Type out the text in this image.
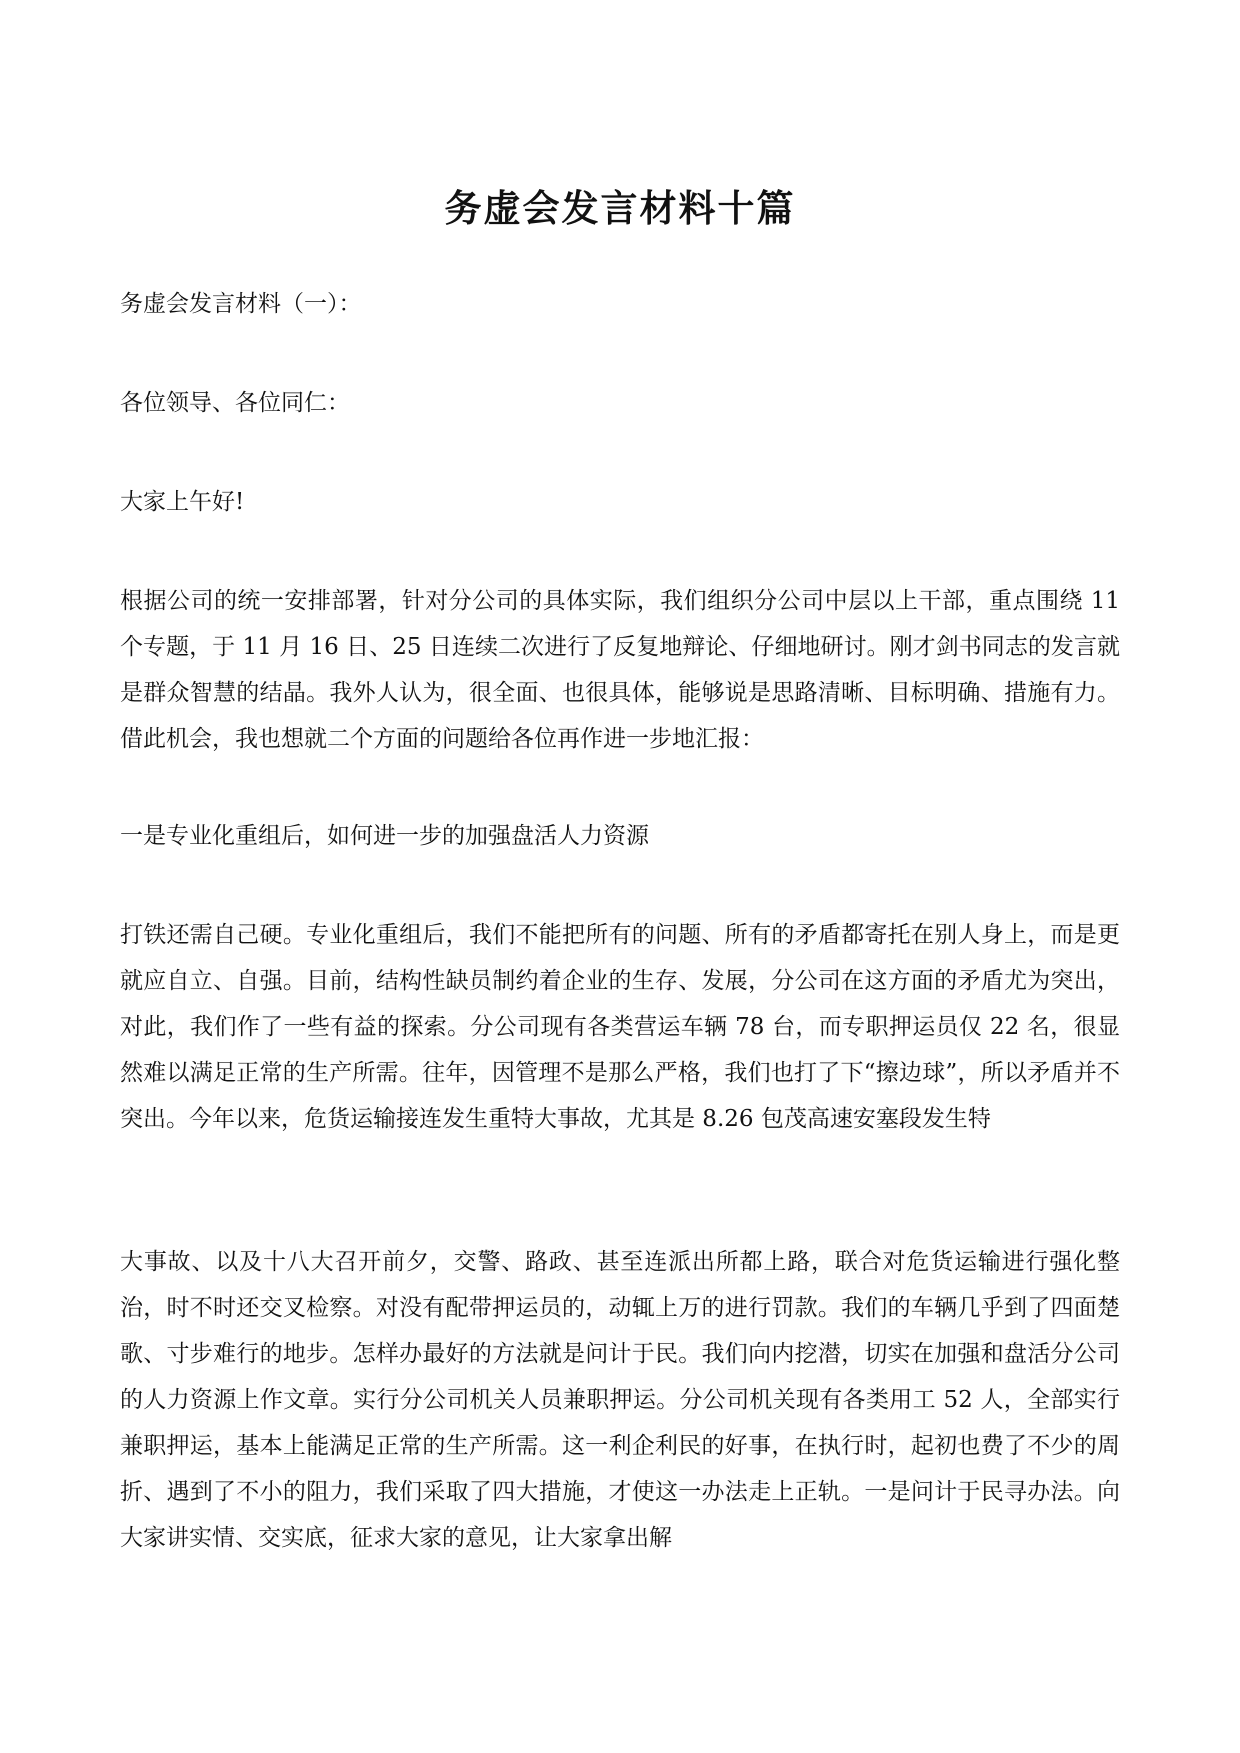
务虚会发言材料十篇

务虚会发言材料（一）：

各位领导、各位同仁：

大家上午好!

根据公司的统一安排部署，针对分公司的具体实际，我们组织分公司中层以上干部，重点围绕 11 个专题，于 11 月 16 日、25 日连续二次进行了反复地辩论、仔细地研讨。刚才剑书同志的发言就是群众智慧的结晶。我外人认为，很全面、也很具体，能够说是思路清晰、目标明确、措施有力。借此机会，我也想就二个方面的问题给各位再作进一步地汇报：

一是专业化重组后，如何进一步的加强盘活人力资源

打铁还需自己硬。专业化重组后，我们不能把所有的问题、所有的矛盾都寄托在别人身上，而是更就应自立、自强。目前，结构性缺员制约着企业的生存、发展，分公司在这方面的矛盾尤为突出，对此，我们作了一些有益的探索。分公司现有各类营运车辆 78 台，而专职押运员仅 22 名，很显然难以满足正常的生产所需。往年，因管理不是那么严格，我们也打了下“擦边球”，所以矛盾并不突出。今年以来，危货运输接连发生重特大事故，尤其是 8.26 包茂高速安塞段发生特

大事故、以及十八大召开前夕，交警、路政、甚至连派出所都上路，联合对危货运输进行强化整治，时不时还交叉检察。对没有配带押运员的，动辄上万的进行罚款。我们的车辆几乎到了四面楚歌、寸步难行的地步。怎样办最好的方法就是问计于民。我们向内挖潜，切实在加强和盘活分公司的人力资源上作文章。实行分公司机关人员兼职押运。分公司机关现有各类用工 52 人，全部实行兼职押运，基本上能满足正常的生产所需。这一利企利民的好事，在执行时，起初也费了不少的周折、遇到了不小的阻力，我们采取了四大措施，才使这一办法走上正轨。一是问计于民寻办法。向大家讲实情、交实底，征求大家的意见，让大家拿出解
